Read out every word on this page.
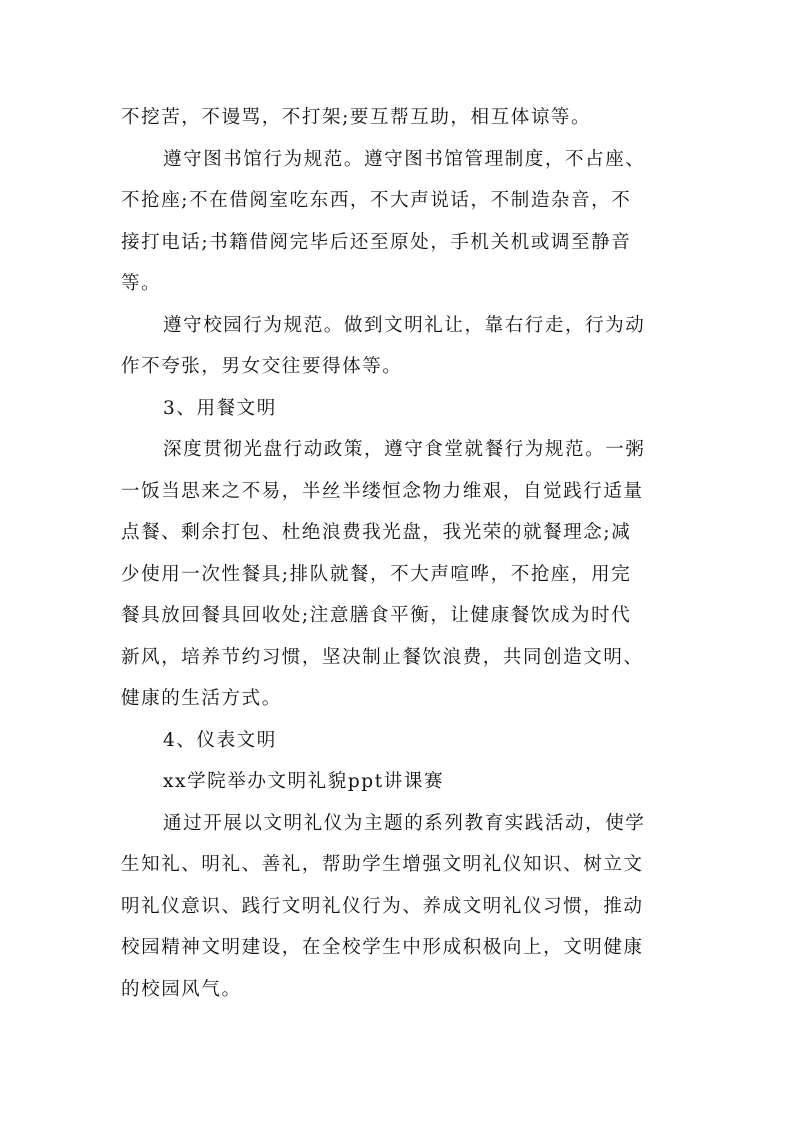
不挖苦，不谩骂，不打架;要互帮互助，相互体谅等。

遵守图书馆行为规范。遵守图书馆管理制度，不占座、
不抢座;不在借阅室吃东西，不大声说话，不制造杂音，不
接打电话;书籍借阅完毕后还至原处，手机关机或调至静音
等。

遵守校园行为规范。做到文明礼让，靠右行走，行为动
作不夸张，男女交往要得体等。

3、用餐文明

深度贯彻光盘行动政策，遵守食堂就餐行为规范。一粥
一饭当思来之不易，半丝半缕恒念物力维艰，自觉践行适量
点餐、剩余打包、杜绝浪费我光盘，我光荣的就餐理念;减
少使用一次性餐具;排队就餐，不大声喧哗，不抢座，用完
餐具放回餐具回收处;注意膳食平衡，让健康餐饮成为时代
新风，培养节约习惯，坚决制止餐饮浪费，共同创造文明、
健康的生活方式。

4、仪表文明

xx学院举办文明礼貌ppt讲课赛

通过开展以文明礼仪为主题的系列教育实践活动，使学
生知礼、明礼、善礼，帮助学生增强文明礼仪知识、树立文
明礼仪意识、践行文明礼仪行为、养成文明礼仪习惯，推动
校园精神文明建设，在全校学生中形成积极向上，文明健康
的校园风气。
